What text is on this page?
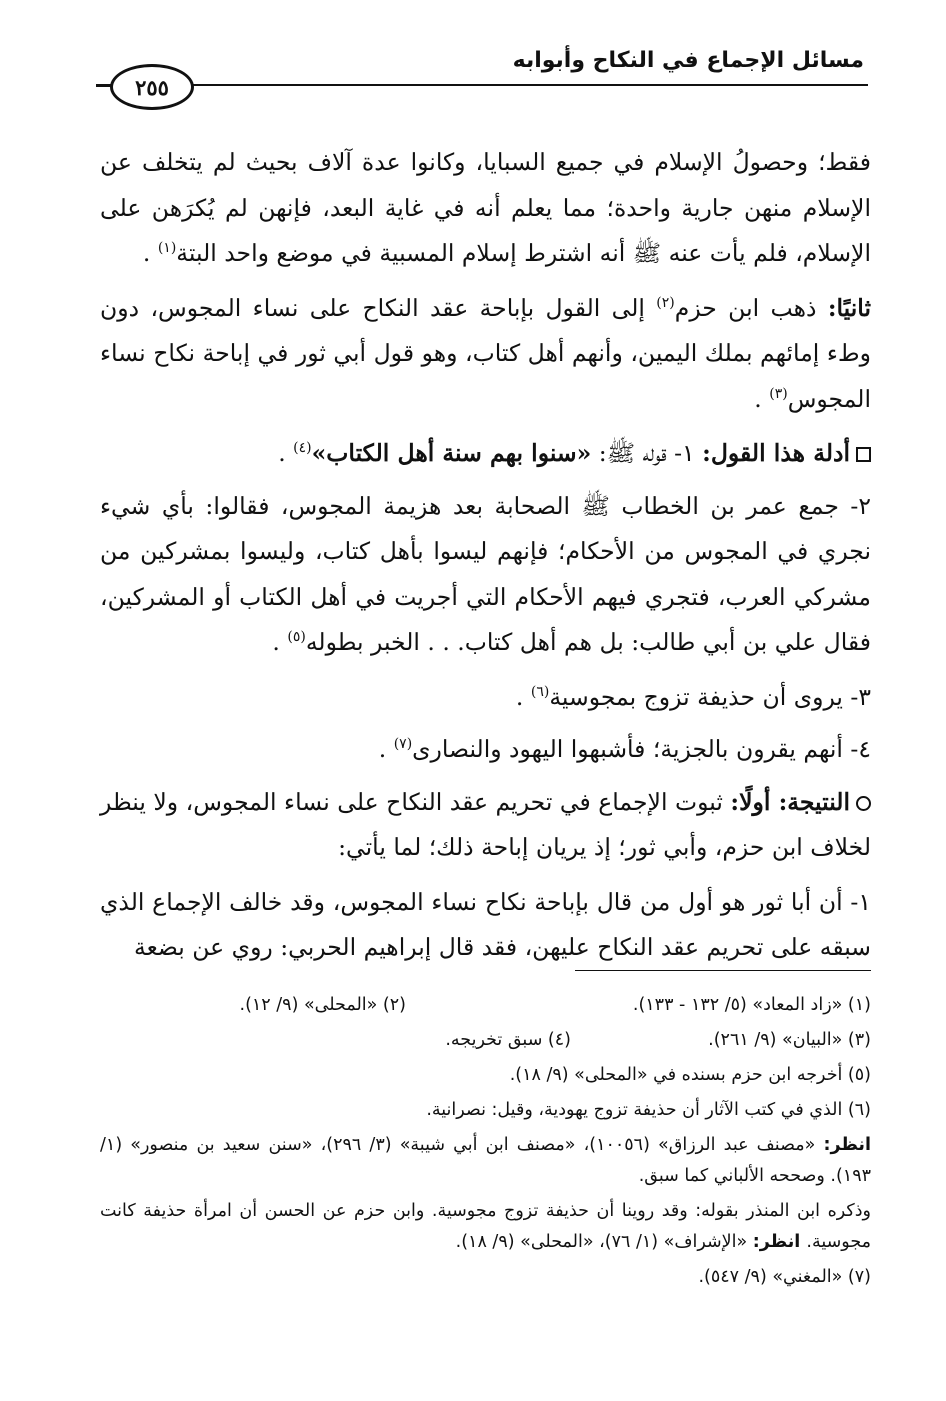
مسائل الإجماع في النكاح وأبوابه
٢٥٥

فقط؛ وحصولُ الإسلام في جميع السبايا، وكانوا عدة آلاف بحيث لم يتخلف عن الإسلام منهن جارية واحدة؛ مما يعلم أنه في غاية البعد، فإنهن لم يُكرَهن على الإسلام، فلم يأت عنه ﷺ أنه اشترط إسلام المسبية في موضع واحد البتة$^{(١)}$ .

ثانيًا: ذهب ابن حزم$^{(٢)}$ إلى القول بإباحة عقد النكاح على نساء المجوس، دون وطء إمائهم بملك اليمين، وأنهم أهل كتاب، وهو قول أبي ثور في إباحة نكاح نساء المجوس$^{(٣)}$ .

أدلة هذا القول: ١- قوله ﷺ: «سنوا بهم سنة أهل الكتاب»$^{(٤)}$ .

٢- جمع عمر بن الخطاب ﷺ الصحابة بعد هزيمة المجوس، فقالوا: بأي شيء نجري في المجوس من الأحكام؛ فإنهم ليسوا بأهل كتاب، وليسوا بمشركين من مشركي العرب، فتجري فيهم الأحكام التي أجريت في أهل الكتاب أو المشركين، فقال علي بن أبي طالب: بل هم أهل كتاب. . . الخبر بطوله$^{(٥)}$ .

٣- يروى أن حذيفة تزوج بمجوسية$^{(٦)}$ .

٤- أنهم يقرون بالجزية؛ فأشبهوا اليهود والنصارى$^{(٧)}$ .

النتيجة: أولًا: ثبوت الإجماع في تحريم عقد النكاح على نساء المجوس، ولا ينظر لخلاف ابن حزم، وأبي ثور؛ إذ يريان إباحة ذلك؛ لما يأتي:

١- أن أبا ثور هو أول من قال بإباحة نكاح نساء المجوس، وقد خالف الإجماع الذي سبقه على تحريم عقد النكاح عليهن، فقد قال إبراهيم الحربي: روي عن بضعة

(١) «زاد المعاد» (٥/ ١٣٢ - ١٣٣).
(٢) «المحلى» (٩/ ١٢).
(٣) «البيان» (٩/ ٢٦١).
(٤) سبق تخريجه.
(٥) أخرجه ابن حزم بسنده في «المحلى» (٩/ ١٨).
(٦) الذي في كتب الآثار أن حذيفة تزوج يهودية، وقيل: نصرانية.
انظر: «مصنف عبد الرزاق» (١٠٠٥٦)، «مصنف ابن أبي شيبة» (٣/ ٢٩٦)، «سنن سعيد بن منصور» (١/ ١٩٣). وصححه الألباني كما سبق.
وذكره ابن المنذر بقوله: وقد روينا أن حذيفة تزوج مجوسية. وابن حزم عن الحسن أن امرأة حذيفة كانت مجوسية. انظر: «الإشراف» (١/ ٧٦)، «المحلى» (٩/ ١٨).
(٧) «المغني» (٩/ ٥٤٧).
